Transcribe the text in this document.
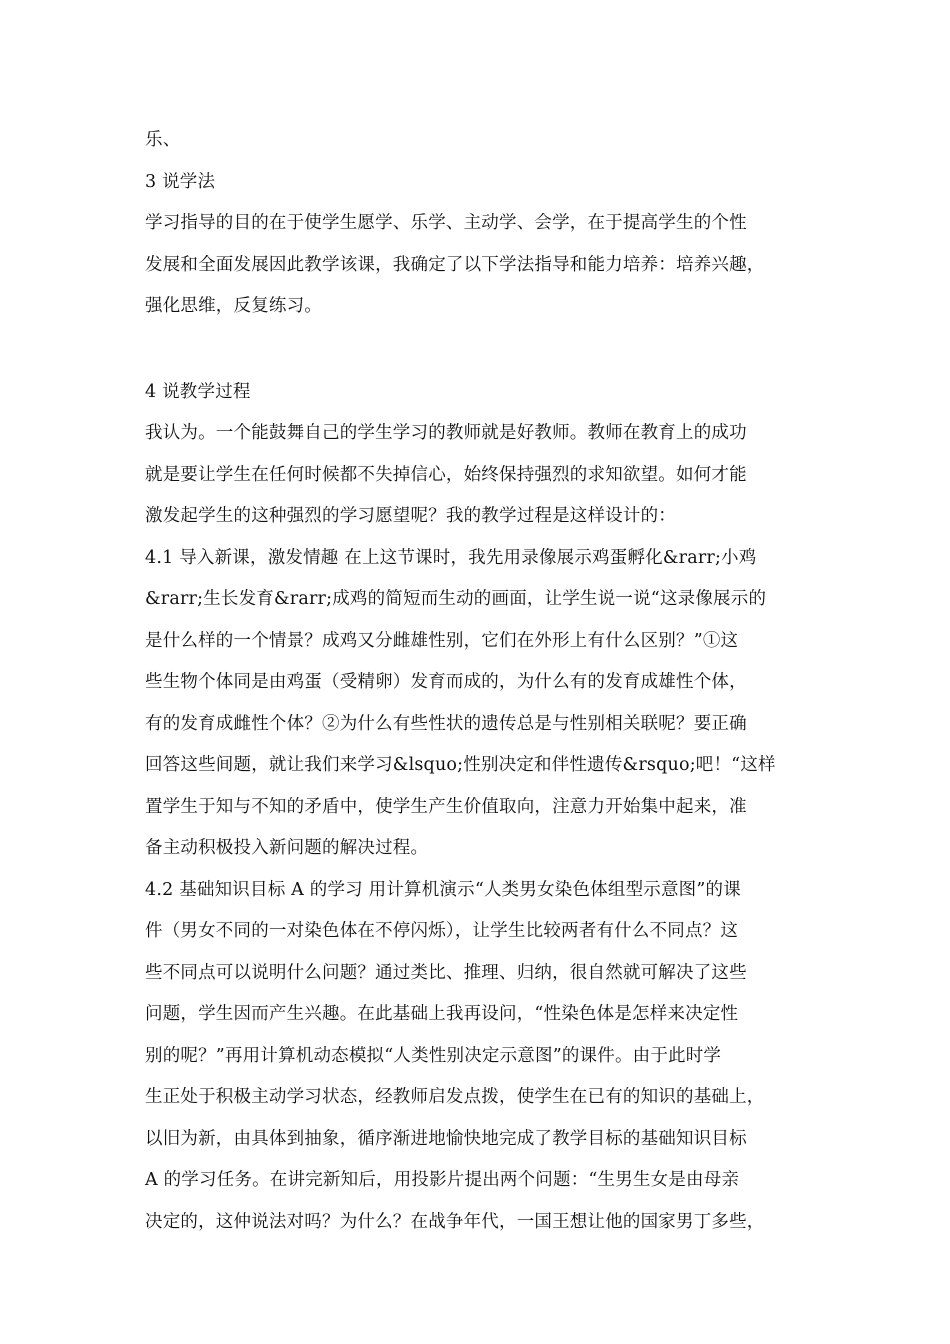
乐、
3 说学法
学习指导的目的在于使学生愿学、乐学、主动学、会学，在于提高学生的个性
发展和全面发展因此教学该课，我确定了以下学法指导和能力培养：培养兴趣，
强化思维，反复练习。
4 说教学过程
我认为。一个能鼓舞自己的学生学习的教师就是好教师。教师在教育上的成功
就是要让学生在任何时候都不失掉信心，始终保持强烈的求知欲望。如何才能
激发起学生的这种强烈的学习愿望呢？我的教学过程是这样设计的：
4.1 导入新课，激发情趣 在上这节课时，我先用录像展示鸡蛋孵化&rarr;小鸡
&rarr;生长发育&rarr;成鸡的简短而生动的画面，让学生说一说“这录像展示的
是什么样的一个情景？成鸡又分雌雄性别，它们在外形上有什么区别？”①这
些生物个体同是由鸡蛋（受精卵）发育而成的，为什么有的发育成雄性个体，
有的发育成雌性个体？②为什么有些性状的遗传总是与性别相关联呢？要正确
回答这些间题，就让我们来学习&lsquo;性别决定和伴性遗传&rsquo;吧！“这样
置学生于知与不知的矛盾中，使学生产生价值取向，注意力开始集中起来，准
备主动积极投入新问题的解决过程。
4.2 基础知识目标 A 的学习 用计算机演示“人类男女染色体组型示意图”的课
件（男女不同的一对染色体在不停闪烁），让学生比较两者有什么不同点？这
些不同点可以说明什么问题？通过类比、推理、归纳，很自然就可解决了这些
问题，学生因而产生兴趣。在此基础上我再设问，“性染色体是怎样来决定性
别的呢？”再用计算机动态模拟“人类性别决定示意图”的课件。由于此时学
生正处于积极主动学习状态，经教师启发点拨，使学生在已有的知识的基础上，
以旧为新，由具体到抽象，循序渐进地愉快地完成了教学目标的基础知识目标
A 的学习任务。在讲完新知后，用投影片提出两个问题：“生男生女是由母亲
决定的，这仲说法对吗？为什么？在战争年代，一国王想让他的国家男丁多些，
